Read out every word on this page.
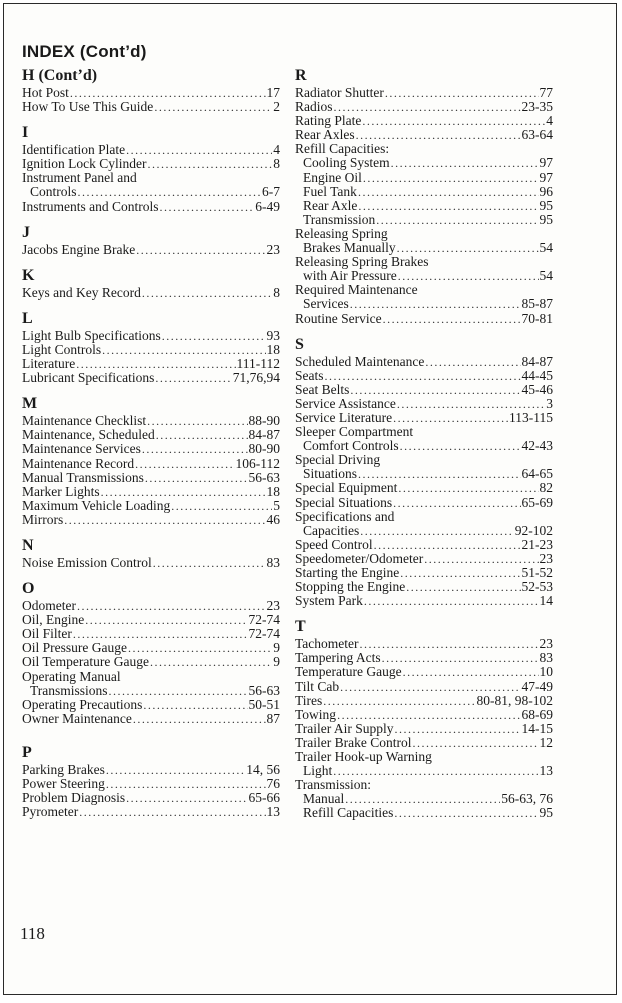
INDEX (Cont’d)
H (Cont’d)
Hot Post .....	17
How To Use This Guide .....	2
I
Identification Plate .....	4
Ignition Lock Cylinder .....	8
Instrument Panel and
Controls .....	6-7
Instruments and Controls .....	6-49
J
Jacobs Engine Brake .....	23
K
Keys and Key Record .....	8
L
Light Bulb Specifications .....	93
Light Controls .....	18
Literature .....	111-112
Lubricant Specifications .....	71,76,94
M
Maintenance Checklist .....	88-90
Maintenance, Scheduled .....	84-87
Maintenance Services .....	80-90
Maintenance Record .....	106-112
Manual Transmissions .....	56-63
Marker Lights .....	18
Maximum Vehicle Loading .....	5
Mirrors .....	46
N
Noise Emission Control .....	83
O
Odometer .....	23
Oil, Engine .....	72-74
Oil Filter .....	72-74
Oil Pressure Gauge .....	9
Oil Temperature Gauge .....	9
Operating Manual
Transmissions .....	56-63
Operating Precautions .....	50-51
Owner Maintenance .....	87
P
Parking Brakes .....	14, 56
Power Steering .....	76
Problem Diagnosis .....	65-66
Pyrometer .....	13
R
Radiator Shutter .....	77
Radios .....	23-35
Rating Plate .....	4
Rear Axles .....	63-64
Refill Capacities:
Cooling System .....	97
Engine Oil .....	97
Fuel Tank .....	96
Rear Axle .....	95
Transmission .....	95
Releasing Spring
Brakes Manually .....	54
Releasing Spring Brakes
with Air Pressure .....	54
Required Maintenance
Services .....	85-87
Routine Service .....	70-81
S
Scheduled Maintenance .....	84-87
Seats .....	44-45
Seat Belts .....	45-46
Service Assistance .....	3
Service Literature .....	113-115
Sleeper Compartment
Comfort Controls .....	42-43
Special Driving
Situations .....	64-65
Special Equipment .....	82
Special Situations .....	65-69
Specifications and
Capacities .....	92-102
Speed Control .....	21-23
Speedometer/Odometer .....	23
Starting the Engine .....	51-52
Stopping the Engine .....	52-53
System Park .....	14
T
Tachometer .....	23
Tampering Acts .....	83
Temperature Gauge .....	10
Tilt Cab .....	47-49
Tires .....	80-81, 98-102
Towing .....	68-69
Trailer Air Supply .....	14-15
Trailer Brake Control .....	12
Trailer Hook-up Warning
Light .....	13
Transmission:
Manual .....	56-63, 76
Refill Capacities .....	95
118
